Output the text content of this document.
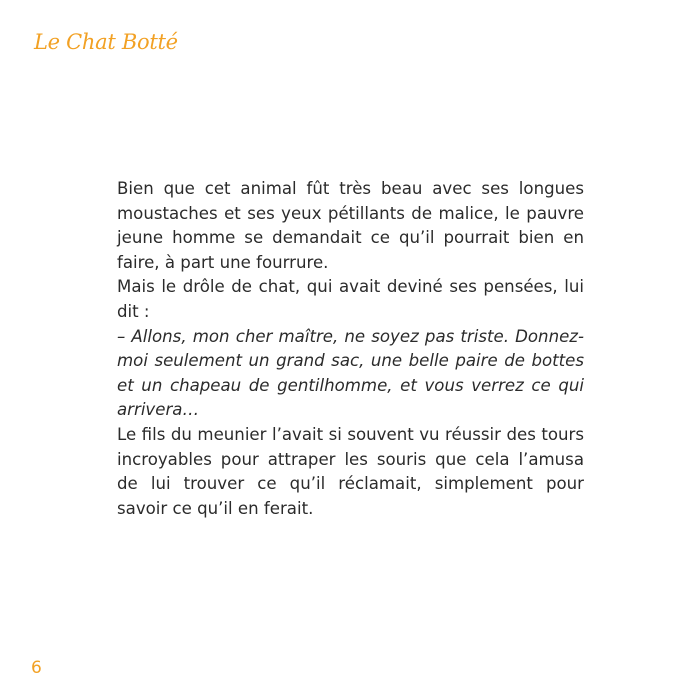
Le Chat Botté
Bien que cet animal fût très beau avec ses longues
moustaches et ses yeux pétillants de malice, le pauvre
jeune homme se demandait ce qu’il pourrait bien en
faire, à part une fourrure.
Mais le drôle de chat, qui avait deviné ses pensées, lui
dit :
– Allons, mon cher maître, ne soyez pas triste. Donnez-
moi seulement un grand sac, une belle paire de bottes
et un chapeau de gentilhomme, et vous verrez ce qui
arrivera…
Le fils du meunier l’avait si souvent vu réussir des tours
incroyables pour attraper les souris que cela l’amusa
de lui trouver ce qu’il réclamait, simplement pour
savoir ce qu’il en ferait.
6
